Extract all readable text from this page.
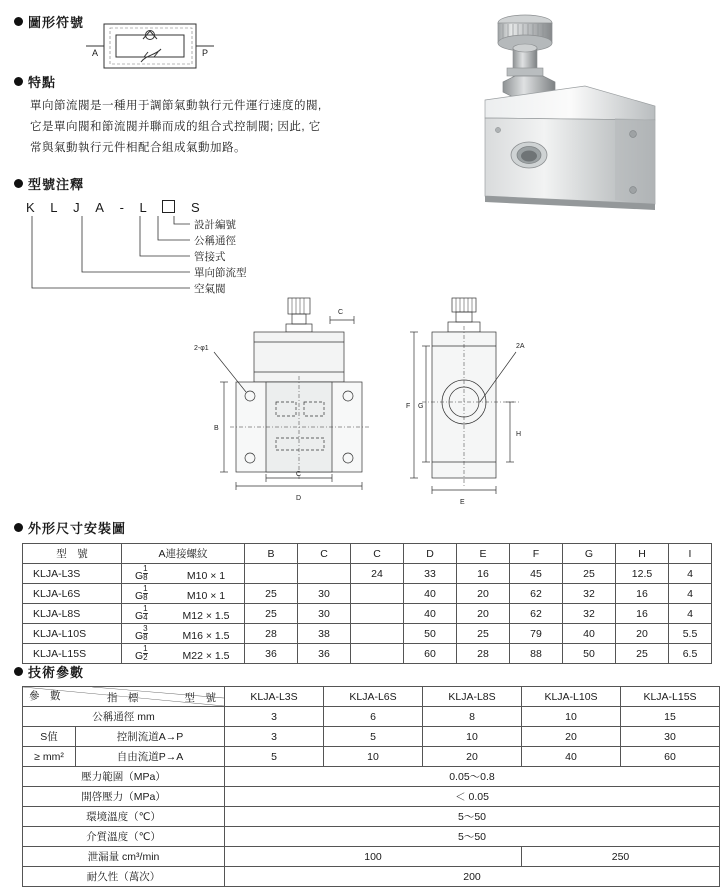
圖形符號
A	P
特點
單向節流閥是一種用于調節氣動執行元件運行速度的閥, 它是單向閥和節流閥并聯而成的組合式控制閥; 因此, 它常與氣動執行元件相配合組成氣動加路。
型號注釋
K L J A - L	S
設計編號
公稱通徑
管接式
單向節流型
空氣閥
2-φ1
C
B
C
D
F G
H
E
2A
外形尺寸安裝圖
型　號	A連接螺紋	B	C	C	D	E	F	G	H	I
KLJA-L3S	G $\frac{1}{8} M10 \times 1$			24	33	16	45	25	12.5	4
KLJA-L6S	G $\frac{1}{8} M10 \times 1$	25	30		40	20	62	32	16	4
KLJA-L8S	G $\frac{1}{4} M12 \times 1.5$	25	30		40	20	62	32	16	4
KLJA-L10S	G $\frac{3}{8} M16 \times 1.5$	28	38		50	25	79	40	20	5.5
KLJA-L15S	G $\frac{1}{2} M22 \times 1.5$	36	36		60	28	88	50	25	6.5
技術參數
參　數 指　標 型　號		KLJA-L3S	KLJA-L6S	KLJA-L8S	KLJA-L10S	KLJA-L15S
公稱通徑 mm		3	6	8	10	15
S值	控制流道A→P	3	5	10	20	30
≥ mm²	自由流道P→A	5	10	20	40	60
壓力範圍（MPa）		0.05～0.8				
開啓壓力（MPa）		＜ 0.05				
環境溫度（℃）		5～50				
介質溫度（℃）		5～50				
泄漏量 cm³/min		100			250	
耐久性（萬次）		200				
